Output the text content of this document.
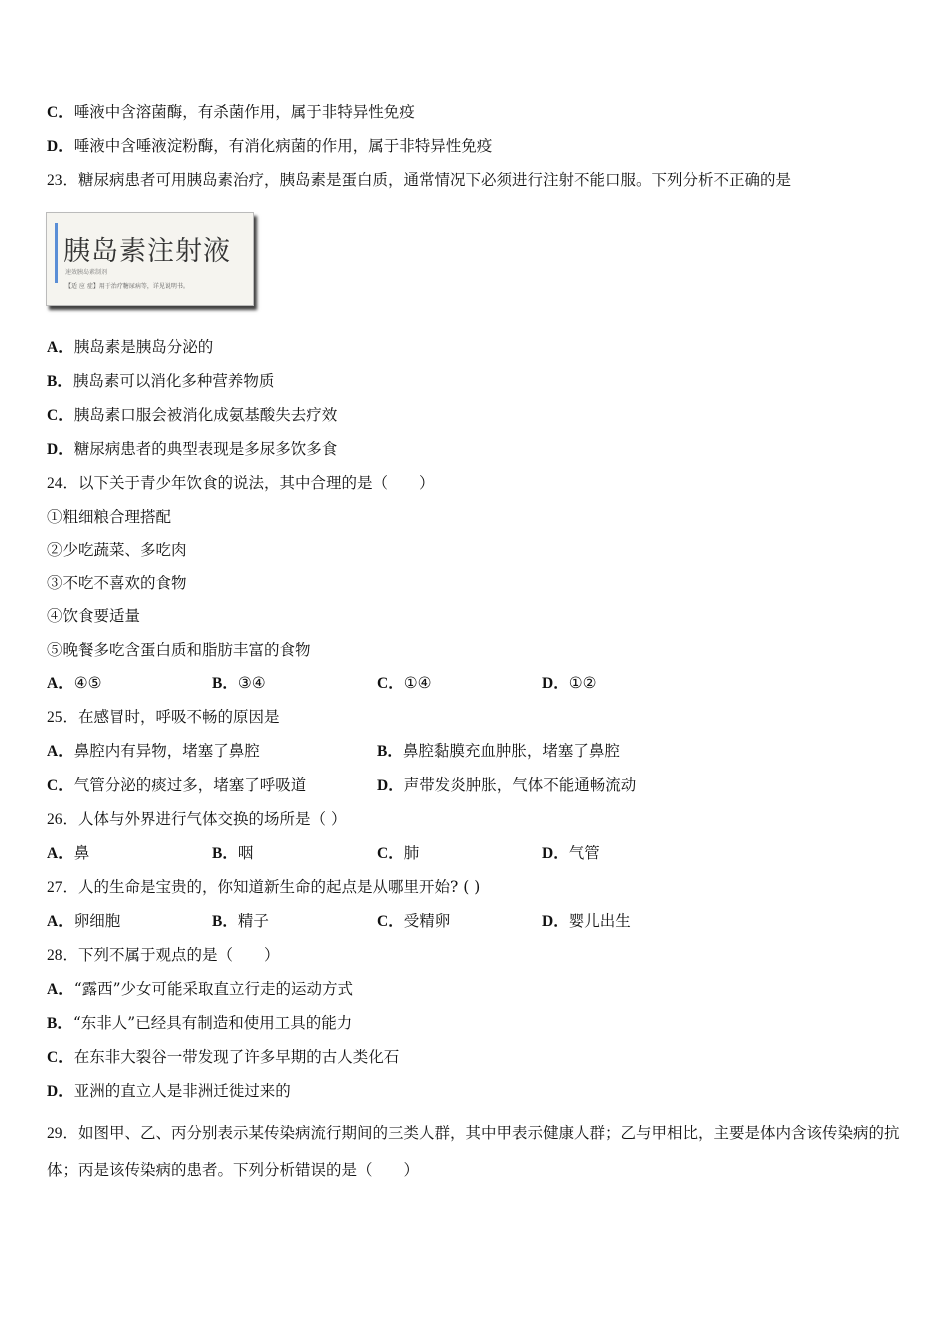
C．唾液中含溶菌酶，有杀菌作用，属于非特异性免疫
D．唾液中含唾液淀粉酶，有消化病菌的作用，属于非特异性免疫
23．糖尿病患者可用胰岛素治疗，胰岛素是蛋白质，通常情况下必须进行注射不能口服。下列分析不正确的是
胰岛素注射液
速效胰岛素制剂
【适 应 症】用于治疗糖尿病等，详见说明书。
A．胰岛素是胰岛分泌的
B．胰岛素可以消化多种营养物质
C．胰岛素口服会被消化成氨基酸失去疗效
D．糖尿病患者的典型表现是多尿多饮多食
24．以下关于青少年饮食的说法，其中合理的是（　　）
①粗细粮合理搭配
②少吃蔬菜、多吃肉
③不吃不喜欢的食物
④饮食要适量
⑤晚餐多吃含蛋白质和脂肪丰富的食物
A．④⑤	B．③④	C．①④	D．①②
25．在感冒时，呼吸不畅的原因是
A．鼻腔内有异物，堵塞了鼻腔	B．鼻腔黏膜充血肿胀，堵塞了鼻腔
C．气管分泌的痰过多，堵塞了呼吸道	D．声带发炎肿胀，气体不能通畅流动
26．人体与外界进行气体交换的场所是（ ）
A．鼻	B．咽	C．肺	D．气管
27．人的生命是宝贵的，你知道新生命的起点是从哪里开始? ( )
A．卵细胞	B．精子	C．受精卵	D．婴儿出生
28．下列不属于观点的是（　　）
A．“露西”少女可能采取直立行走的运动方式
B．“东非人”已经具有制造和使用工具的能力
C．在东非大裂谷一带发现了许多早期的古人类化石
D．亚洲的直立人是非洲迁徙过来的
29．如图甲、乙、丙分别表示某传染病流行期间的三类人群，其中甲表示健康人群；乙与甲相比，主要是体内含该传染病的抗体；丙是该传染病的患者。下列分析错误的是（　　）
